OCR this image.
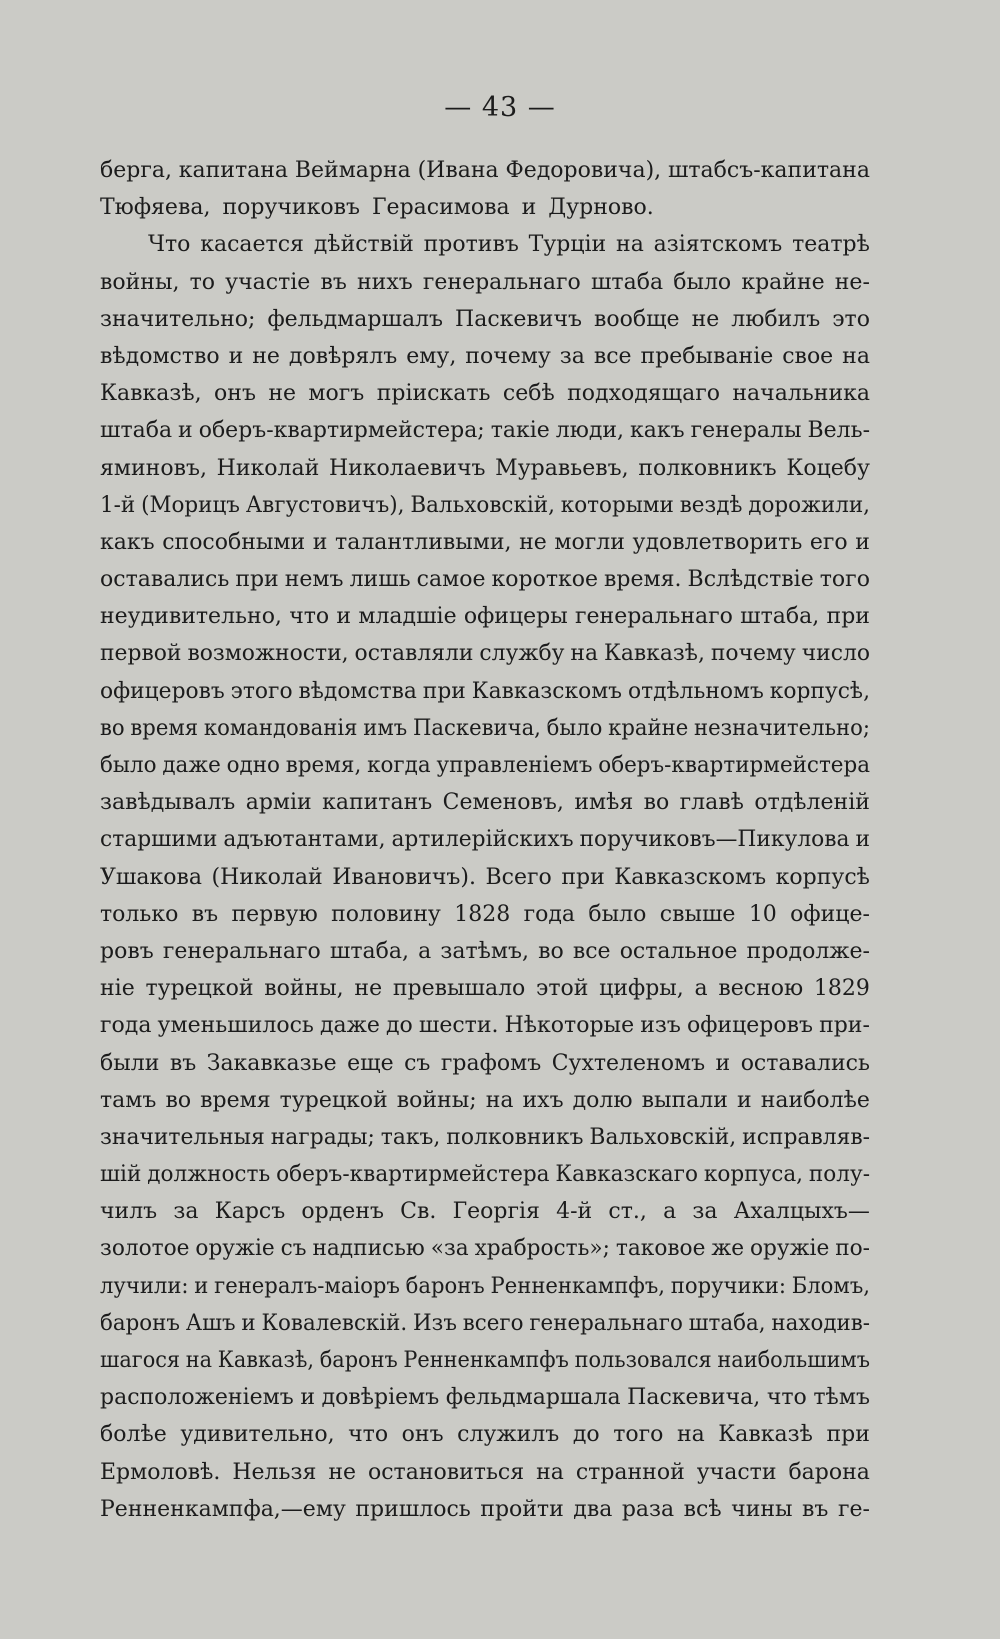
— 43 —
берга, капитана Веймарна (Ивана Федоровича), штабсъ-капитана
Тюфяева, поручиковъ Герасимова и Дурново.
Что касается дѣйствій противъ Турціи на азіятскомъ театрѣ
войны, то участіе въ нихъ генеральнаго штаба было крайне не-
значительно; фельдмаршалъ Паскевичъ вообще не любилъ это
вѣдомство и не довѣрялъ ему, почему за все пребываніе свое на
Кавказѣ, онъ не могъ пріискать себѣ подходящаго начальника
штаба и оберъ-квартирмейстера; такіе люди, какъ генералы Вель-
яминовъ, Николай Николаевичъ Муравьевъ, полковникъ Коцебу
1-й (Морицъ Августовичъ), Вальховскій, которыми вездѣ дорожили,
какъ способными и талантливыми, не могли удовлетворить его и
оставались при немъ лишь самое короткое время. Вслѣдствіе того
неудивительно, что и младшіе офицеры генеральнаго штаба, при
первой возможности, оставляли службу на Кавказѣ, почему число
офицеровъ этого вѣдомства при Кавказскомъ отдѣльномъ корпусѣ,
во время командованія имъ Паскевича, было крайне незначительно;
было даже одно время, когда управленіемъ оберъ-квартирмейстера
завѣдывалъ арміи капитанъ Семеновъ, имѣя во главѣ отдѣленій
старшими адъютантами, артилерійскихъ поручиковъ—Пикулова и
Ушакова (Николай Ивановичъ). Всего при Кавказскомъ корпусѣ
только въ первую половину 1828 года было свыше 10 офице-
ровъ генеральнаго штаба, а затѣмъ, во все остальное продолже-
ніе турецкой войны, не превышало этой цифры, а весною 1829
года уменьшилось даже до шести. Нѣкоторые изъ офицеровъ при-
были въ Закавказье еще съ графомъ Сухтеленомъ и оставались
тамъ во время турецкой войны; на ихъ долю выпали и наиболѣе
значительныя награды; такъ, полковникъ Вальховскій, исправляв-
шій должность оберъ-квартирмейстера Кавказскаго корпуса, полу-
чилъ за Карсъ орденъ Св. Георгія 4-й ст., а за Ахалцыхъ—
золотое оружіе съ надписью «за храбрость»; таковое же оружіе по-
лучили: и генералъ-маіоръ баронъ Ренненкампфъ, поручики: Бломъ,
баронъ Ашъ и Ковалевскій. Изъ всего генеральнаго штаба, находив-
шагося на Кавказѣ, баронъ Ренненкампфъ пользовался наибольшимъ
расположеніемъ и довѣріемъ фельдмаршала Паскевича, что тѣмъ
болѣе удивительно, что онъ служилъ до того на Кавказѣ при
Ермоловѣ. Нельзя не остановиться на странной участи барона
Ренненкампфа,—ему пришлось пройти два раза всѣ чины въ ге-
